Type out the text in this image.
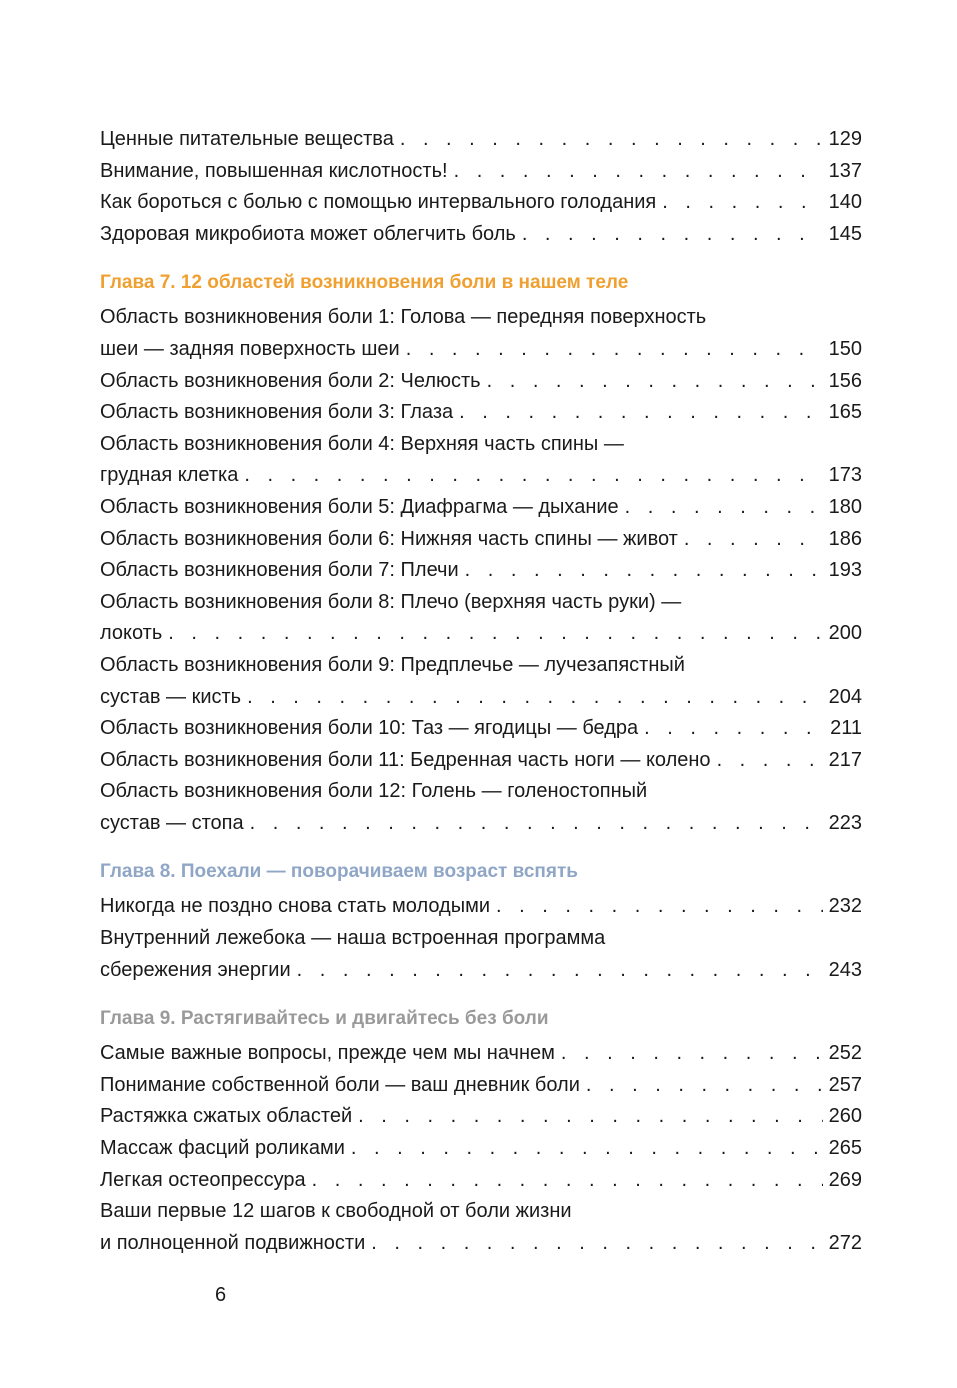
Ценные питательные вещества . . .	129
Внимание, повышенная кислотность! . . .	137
Как бороться с болью с помощью интервального голодания . . .	140
Здоровая микробиота может облегчить боль . . .	145
Глава 7. 12 областей возникновения боли в нашем теле
Область возникновения боли 1: Голова — передняя поверхность
шеи — задняя поверхность шеи . . .	150
Область возникновения боли 2: Челюсть . . .	156
Область возникновения боли 3: Глаза . . .	165
Область возникновения боли 4: Верхняя часть спины —
грудная клетка . . .	173
Область возникновения боли 5: Диафрагма — дыхание . . .	180
Область возникновения боли 6: Нижняя часть спины — живот . . .	186
Область возникновения боли 7: Плечи . . .	193
Область возникновения боли 8: Плечо (верхняя часть руки) —
локоть . . .	200
Область возникновения боли 9: Предплечье — лучезапястный
сустав — кисть . . .	204
Область возникновения боли 10: Таз — ягодицы — бедра . . .	211
Область возникновения боли 11: Бедренная часть ноги — колено . . .	217
Область возникновения боли 12: Голень — голеностопный
сустав — стопа . . .	223
Глава 8. Поехали — поворачиваем возраст вспять
Никогда не поздно снова стать молодыми . . .	232
Внутренний лежебока — наша встроенная программа
сбережения энергии . . .	243
Глава 9. Растягивайтесь и двигайтесь без боли
Самые важные вопросы, прежде чем мы начнем . . .	252
Понимание собственной боли — ваш дневник боли . . .	257
Растяжка сжатых областей . . .	260
Массаж фасций роликами . . .	265
Легкая остеопрессура . . .	269
Ваши первые 12 шагов к свободной от боли жизни
и полноценной подвижности . . .	272
6
